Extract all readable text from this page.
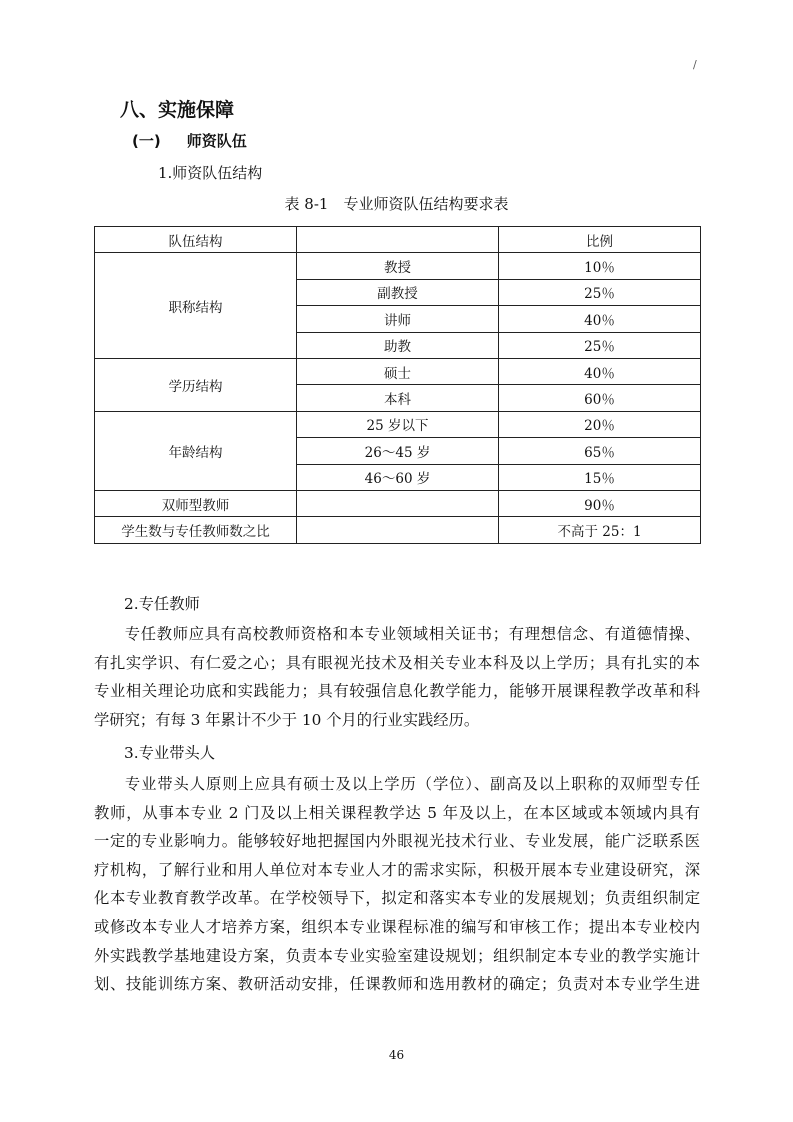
/
八、实施保障
(一) 师资队伍
1.师资队伍结构
表 8-1　专业师资队伍结构要求表
队伍结构		比例
职称结构	教授	10％
	副教授	25％
	讲师	40％
	助教	25％
学历结构	硕士	40％
	本科	60％
年龄结构	25 岁以下	20％
	26～45 岁	65％
	46～60 岁	15％
双师型教师		90％
学生数与专任教师数之比		不高于 25：1
2.专任教师

专任教师应具有高校教师资格和本专业领域相关证书；有理想信念、有道德情操、

有扎实学识、有仁爱之心；具有眼视光技术及相关专业本科及以上学历；具有扎实的本

专业相关理论功底和实践能力；具有较强信息化教学能力，能够开展课程教学改革和科

学研究；有每 3 年累计不少于 10 个月的行业实践经历。

3.专业带头人

专业带头人原则上应具有硕士及以上学历（学位）、副高及以上职称的双师型专任

教师，从事本专业 2 门及以上相关课程教学达 5 年及以上，在本区域或本领域内具有

一定的专业影响力。能够较好地把握国内外眼视光技术行业、专业发展，能广泛联系医

疗机构，了解行业和用人单位对本专业人才的需求实际，积极开展本专业建设研究，深

化本专业教育教学改革。在学校领导下，拟定和落实本专业的发展规划；负责组织制定

或修改本专业人才培养方案，组织本专业课程标准的编写和审核工作；提出本专业校内

外实践教学基地建设方案，负责本专业实验室建设规划；组织制定本专业的教学实施计

划、技能训练方案、教研活动安排，任课教师和选用教材的确定；负责对本专业学生进

46
